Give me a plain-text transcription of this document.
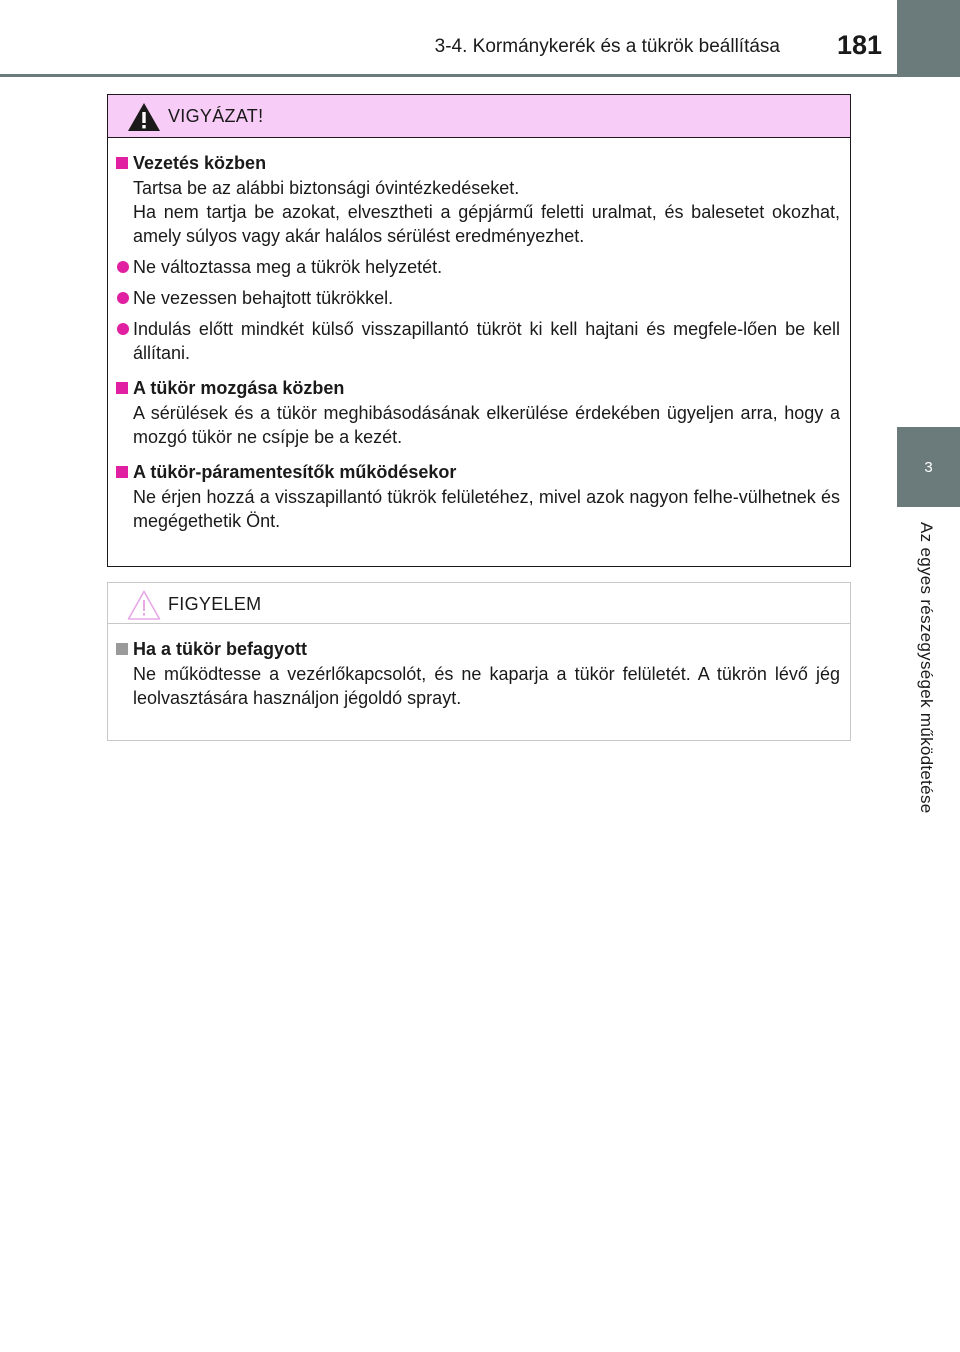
3-4. Kormánykerék és a tükrök beállítása 181
3
Az egyes részegységek működtetése
VIGYÁZAT!
Vezetés közben
Tartsa be az alábbi biztonsági óvintézkedéseket.
Ha nem tartja be azokat, elvesztheti a gépjármű feletti uralmat, és balesetet okozhat, amely súlyos vagy akár halálos sérülést eredményezhet.
Ne változtassa meg a tükrök helyzetét.
Ne vezessen behajtott tükrökkel.
Indulás előtt mindkét külső visszapillantó tükröt ki kell hajtani és megfele-lően be kell állítani.
A tükör mozgása közben
A sérülések és a tükör meghibásodásának elkerülése érdekében ügyeljen arra, hogy a mozgó tükör ne csípje be a kezét.
A tükör-páramentesítők működésekor
Ne érjen hozzá a visszapillantó tükrök felületéhez, mivel azok nagyon felhe-vülhetnek és megégethetik Önt.
FIGYELEM
Ha a tükör befagyott
Ne működtesse a vezérlőkapcsolót, és ne kaparja a tükör felületét. A tükrön lévő jég leolvasztására használjon jégoldó sprayt.
